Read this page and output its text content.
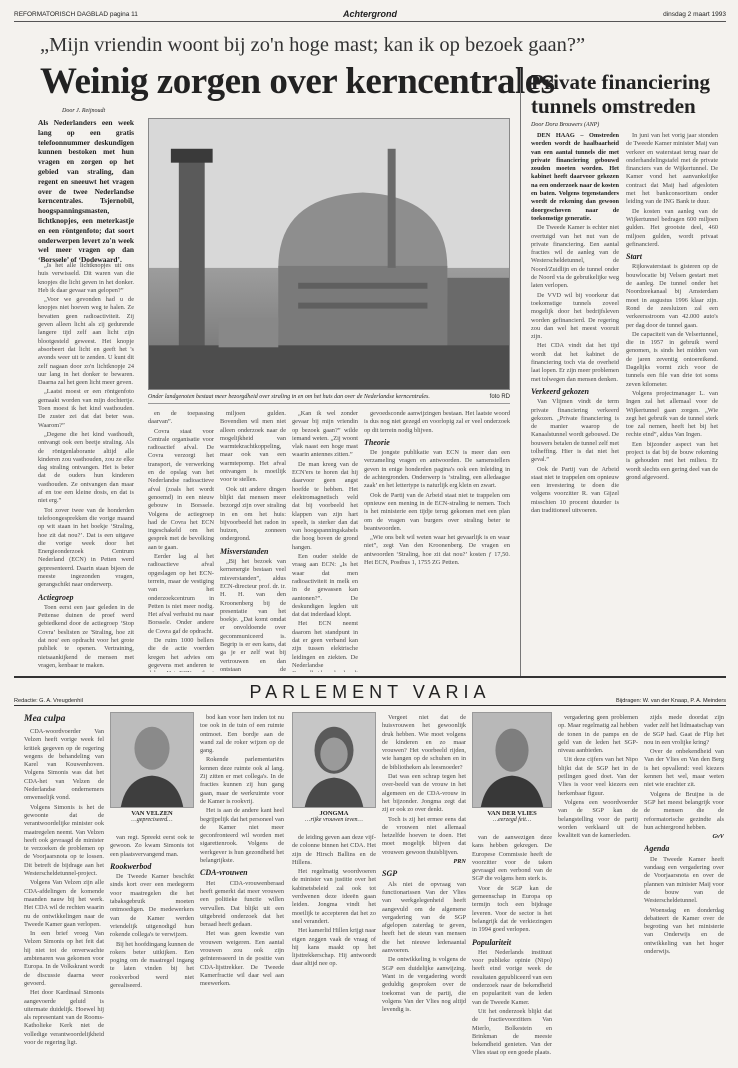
REFORMATORISCH DAGBLAD pagina 11	Achtergrond	dinsdag 2 maart 1993
„Mijn vriendin woont bij zo'n hoge mast; kan ik op bezoek gaan?”
Weinig zorgen over kerncentrales
Door J. Reijnoudt
Als Nederlanders een week lang op een gratis telefoonnummer deskundigen kunnen bestoken met hun vragen en zorgen op het gebied van straling, dan regent en sneeuwt het vragen over de twee Nederlandse kerncentrales. Tsjernobil, hoogspanningsmasten, lichtknopjes, een meterkastje en een röntgenfoto; dat soort onderwerpen levert zo'n week wel meer vragen op dan ‘Borssele’ of ‘Dodewaard’.

„Is het alle lichtknopjes uit ons huis verwisseld. Dit waren van die knopjes die licht geven in het donker. Heb ik daar gevaar van gelopen?”

„Voor we gevonden had u de knopjes niet hoeven weg te halen. Ze bevatten geen radioactiviteit. Zij geven alleen licht als zij gedurende langere tijd zelf aan licht zijn blootgesteld geweest. Het knopje absorbeert dat licht en geeft het 's avonds weer uit te zenden. U kunt dit zelf nagaan door zo'n lichtknopje 24 uur lang in het donker te bewaren. Daarna zal het geen licht meer geven.

„Laatst moest er een röntgenfoto gemaakt worden van mijn dochtertje. Toen moest ik het kind vasthouden. De zuster zei dat dat beter was. Waarom?”

„Degene die het kind vasthoudt, ontvangt ook een beetje straling. Als de röntgenlaborante altijd alle kinderen zou vasthouden, zou ze elke dag straling ontvangen. Het is beter dat de ouders hun kinderen vasthouden. Ze ontvangen dan maar af en toe een kleine dosis, en dat is niet erg.”

Tot zover twee van de honderden telefoongesprekken die vorige maand op wit staan in het boekje ‘Straling, hoe zit dat nou?’. Dat is een uitgave die vorige week door het Energieonderzoek Centrum Nederland (ECN) in Petten werd gepresenteerd. Daarin staan bijeen de meeste ingezonden vragen, gerangschikt naar onderwerp.

Actiegroep

Toen eerst een jaar geleden in de Pettense duinen de proef werd gebiedkend door de actiegroep ‘Stop Covra’ beslisten ze 'Straling, hoe zit dat nou' een opdracht voor het grote publiek te openen. Vertraining, nietsaankijkend de mensen met vragen, kenbaar te maken.

Onder landgenoten bestaat meer bezorgdheid over straling in en om het huis dan over de Nederlandse kerncentrales.	foto RD

en de toepassing daarvan”.

Covra staat voor Centrale organisatie voor radioactief afval. De Covra verzorgt het transport, de verwerking en de opslag van het Nederlandse radioactieve afval (zoals het wordt genoemd) in een nieuw gebouw in Borssele. Volgens de actiegroep had de Covra het ECN ingeschakeld om het gesprek met de bevolking aan te gaan.

Eerder lag al het radioactieve afval opgeslagen op het ECN-terrein, maar de vestiging van het onderzoekcentrum in Petten is niet meer nodig. Het afval verhuist nu naar Borssele. Onder andere de Covra gaf de opdracht.

De ruim 1000 bellers die de actie voerden kregen het advies om gegevens met anderen te

miljoen gulden. Bovendien wil men niet alleen onderzoek naar de mogelijkheid van warmtekrachtkoppeling, maar ook van een warmtepomp. Het afval ontvangen is moeilijk voor te stellen.

Ook uit andere dingen blijkt dat mensen meer bezorgd zijn over straling in en om het huis: bijvoorbeeld het radon in huizen, zonneen ondergrond.

Misverstanden

„Bij het bezoek van kernenergie bestaan veel misverstanden”, aldus ECN-directeur prof. dr. ir. H. H. van den Kroonenberg bij de presentatie van het boekje. „Dat komt omdat er onvoldoende over gecommuniceerd is. Begrip is er een kans, dat ga je er zelf wat bij vertrouwen en dan ontstaan de

„Kan ik wel zonder gevaar bij mijn vriendin op bezoek gaan?” wilde iemand weten. „Zij woont vlak naast een hoge mast waarin antennes zitten.”

De man kreeg van de ECN'ers te horen dat hij daarvoor geen angst hoefde te hebben. Het elektromagnetisch veld dat bij voorbeeld het klappen van zijn hart speelt, is sterker dan dat van hoogspanningskabels die hoog boven de grond hangen.

Een ouder stelde de vraag aan ECN: „Is het waar dat men radioactiviteit in melk en in de gewassen kan aantonen?”. De deskundigen legden uit dat dat inderdaad klopt.

Het ECN neemt daarom het standpunt in dat er geen verband kan zijn tussen elektrische leidingen en ziekten. De Nederlandse

gevoedsconde aanwijzingen bestaan. Het laatste woord is dus nog niet gezegd en voorlopig zal er veel onderzoek op dit terrein nodig blijven.

Theorie

De jongste publikatie van ECN is meer dan een verzameling vragen en antwoorden. De samenstellers geven in enige honderden pagina's ook een inleiding in de achtergronden. Onderwerp is ‘straling, een alledaagse zaak’ en het lettertype is naturlijk erg klein en zwart.

Ook de Partij van de Arbeid staat niet te trappelen om opnieuw een mening in de ECN-straling te nemen. Toch is het ministerie een tijdje terug gekomen met een plan om de vragen van burgers over straling beter te beantwoorden.

„Wie ons belt wil weten waar het gevaarlijk is en waar niet”, zegt Van den Kroonenberg. De vragen en antwoorden ‘Straling, hoe zit dat nou?’ kosten ƒ 17,50. Het ECN, Postbus 1, 1755 ZG Petten.

Private financiering tunnels omstreden
Door Dora Brouwers (ANP)

DEN HAAG – Omstreden worden wordt de haalbaarheid van een aantal tunnels die met private financiering gebouwd zouden moeten worden. Het kabinet heeft daarvoor gekozen na een onderzoek naar de kosten en baten. Volgens tegenstanders wordt de rekening dan gewoon doorgeschoven naar de toekomstige generatie.

De Tweede Kamer is echter niet overtuigd van het nut van de private financiering. Een aantal fracties wil de aanleg van de Westerscheldetunnel, de Noord/Zuidlijn en de tunnel onder de Noord via de gebruikelijke weg laten verlopen.

De VVD wil bij voorkeur dat toekomstige tunnels zoveel mogelijk door het bedrijfsleven worden gefinancierd. De regering zou dan wel het meest vooruit zijn.

Het CDA vindt dat het tijd wordt dat het kabinet de financiering toch via de overheid laat lopen. Er zijn meer problemen met tolwegen dan mensen denken.

Verkeerd gekozen

Van Vlijmen vindt de term private financiering verkeerd gekozen. „Private financiering is de manier waarop de Kanaalstunnel wordt gebouwd. De bouwers betalen de tunnel zelf met tolheffing. Hier is dat niet het geval.”

Ook de Partij van de Arbeid staat niet te trappelen om opnieuw een investering te doen die volgens voorzitter R. van Gijzel misschien 10 procent duurder is dan traditioneel uitvoeren.

In juni van het vorig jaar stonden de Tweede Kamer minister Maij van verkeer en waterstaat terug naar de onderhandelingstafel met de private financiers van de Wijkertunnel. De Kamer vond het aanvankelijke contract dat Maij had afgesloten met het bankconsortium onder leiding van de ING Bank te duur.

De kosten van aanleg van de Wijkertunnel bedragen 600 miljoen gulden. Het grootste deel, 460 miljoen gulden, wordt privaat gefinancierd.

Start

Rijkswaterstaat is gisteren op de bouwlocatie bij Velsen gestart met de aanleg. De tunnel onder het Noordzeekanaal bij Amsterdam moet in augustus 1996 klaar zijn. Rond de zeesluizen zal een verkeersstroom van 42.000 auto's per dag door de tunnel gaan.

De capaciteit van de Velsertunnel, die in 1957 in gebruik werd genomen, is sinds het midden van de jaren zeventig ontoereikend. Dagelijks vormt zich voor de tunnels een file van drie tot soms zeven kilometer.

Volgens projectmanager L. van Ingen zal het allemaal voor de Wijkertunnel gaan zorgen. „Wie zegt het gebruik van de tunnel sterk toe zal nemen, heeft het bij het rechte eind”, aldus Van Ingen.

Een bijzonder aspect van het project is dat bij de bouw rekening is gehouden met het milieu. Er wordt slechts een gering deel van de grond afgevoerd.

PARLEMENT VARIA
Redactie: G. A. Vreugdenhil	Bijdragen: W. van der Knaap, P. A. Meinders
Mea culpa

CDA-woordvoerder Van Velzen heeft vorige week fel kritiek gegeven op de regering wegens de behandeling van Karel van Kouwenhoven. Volgens Simonis was dat het CDA-het van Velzen de Nederlandse ondernemers onwenselijk vond.

Volgens Simonis is het de gewoonte dat de verantwoordelijke minister ook maatregelen neemt. Van Velzen heeft ook gevraagd de minister te verzoeken de problemen op de Voorjaarsnota op te lossen. Dit betreft de bijdrage aan het Westerscheldetunnel-project.

Volgens Van Velzen zijn alle CDA-afdelingen de komende maanden nauw bij het werk. Het CDA wil de rechten waarin nu de ontwikkelingen naar de Tweede Kamer gaan verlopen.

In een brief vroeg Van Velzen Simonis op het feit dat hij niet tot de onverwachte ambtenaren was gekomen voor Europa. In de Volkskrant wordt de discussie daarna weer gevoerd.

Het door Kardinaal Simonis aangevoerde geluid is uitermate duidelijk. Hoewel hij als representant van de Rooms-Katholieke Kerk niet de volledige verantwoordelijkheid voor de regering ligt.

VAN VELZEN
…gepreciseerd…

van regt. Spreekt eerst ook te gewoon. Zo kwam Simonis tot een plaatsvervangend man.

Rookwerbod

De Tweede Kamer beschikt sinds kort over een medegorm voor maatregelen die het tabaksgebruik moeten ontmoedigen. De medewerkers van de Kamer werden vriendelijk uitgenodigd hun rokende collega's te verwijzen.

Bij het hoofdingang kunnen de rokers beter uitkijken. Een poging om de maatregel ingang te laten vinden bij het rookverbod werd niet gerealiseerd.

bod kan voor hen inden tot nu toe ook in de tuin of een ruimte ontmoet. Een bordje aan de wand zal de roker wijzen op de gang.

Rokende parlementariërs kennen deze ruimte ook al lang. Zij zitten er met collega's. In de fracties kunnen zij hun gang gaan, maar de werkruimte voor de Kamer is rookvrij.

Het is aan de andere kant heel begrijpelijk dat het personeel van de Kamer niet meer geconfronteerd wil worden met sigarettenrook. Volgens de werkgever is hun gezondheid het belangrijkste.

CDA-vrouwen

Het CDA-vrouwenberaad heeft gemerkt dat meer vrouwen een politieke functie willen vervullen. Dat blijkt uit een uitgebreid onderzoek dat het beraad heeft gedaan.

Het was geen kwestie van vrouwen weigeren. Een aantal vrouwen zou ook zijn geïnteresseerd in de positie van CDA-lijsttrekker. De Tweede Kamerfractie wil daar wel aan meewerken.

JONGMA
…rijke vrouwen ieven…

de leiding geven aan deze vijf-de colonne binnen het CDA. Het zijn de Hirsch Ballins en de Hillens.

Het regelmatig woordvoeren de minister van justitie over het kabinetsbeleid zal ook tot verdwenen deze ideeën gaan leiden. Jongma vindt het moeilijk te accepteren dat het zo snel verandert.

Het kamerlid Hillen krijgt naar eigen zeggen vaak de vraag of hij kans maakt op het lijsttrekkerschap. Hij antwoordt daar altijd nee op.

Vergeet niet dat de huisvrouwen het gewoonlijk druk hebben. Wie moet volgens de kinderen en zo maar vrouwen? Het voorbeeld rijden, wie hangen op de schuhen en in de bibliotheken als leesmoeder?

Dat was een schrap tegen het over-beeld van de vrouw in het algemeen en de CDA-vrouw in het bijzonder. Jongma zegt dat zij er ook zo over denkt.

Toch is zij het ermee eens dat de vrouwen niet allemaal hetzelfde hoeven te doen. Het moet mogelijk blijven dat vrouwen gewoon thuisblijven.

PRN

SGP

Als niet de opvraag van functionarissen Van der Vlies van werkgelegenheid heeft aangevuld om de algemene vergadering van de SGP afgelopen zaterdag te geven, heeft het de steun van mensen die het nieuwe ledenaantal aanvoeren.

De ontwikkeling is volgens de SGP een duidelijke aanwijzing. Want in de vergadering wordt geduldig gesproken over de toekomst van de partij, die volgens Van der Vlies nog altijd levendig is.

VAN DER VLIES
…eerzegd feit…

van de aanwezigen deze kans hebben gekregen. De Europese Commissie heeft de voorzitter voor de taken gevraagd een verbond van de SGP die volgens hem sterk is.

Voor de SGP kan de gemeenschap in Europa op termijn toch een bijdrage leveren. Voor de sector is het belangrijk dat de verkiezingen in 1994 goed verlopen.

Populariteit

Het Nederlands instituut voor publieke opinie (Nipo) heeft eind vorige week de resultaten gepubliceerd van een onderzoek naar de bekendheid en populariteit van de leden van de Tweede Kamer.

Uit het onderzoek blijkt dat de fractievoorzitters Van Mierlo, Bolkestein en Brinkman de meeste bekendheid genieten. Van der Vlies staat op een goede plaats.

vergadering geen problemen op. Maar regelmatig zal hebben de tonen in de pamps en de geld van de leden het SGP-niveau aanbieden.

Uit deze cijfers van het Nipo blijkt dat de SGP het in de peilingen goed doet. Van der Vlies is voor veel kiezers een herkenbaar figuur.

Volgens een woordvoerder van de SGP kan de belangstelling voor de partij worden verklaard uit de kwaliteit van de kamerleden.

zijds mede doordat zijn vader zelf het lidmaatschap van de SGP had. Gaat de Flip het nou in een vrolijke kring?

Over de onbekendheid van Van der Vlies en Van den Berg is het opvallend: veel kiezers kennen het wel, maar weten niet wie erachter zit.

Volgens de Bruijne is de SGP het meest belangrijk voor de mensen die de reformatorische gezindte als hun achtergrond hebben.

GvV

Agenda

De Tweede Kamer heeft vandaag een vergadering over de Voorjaarsnota en over de plannen van minister Maij voor de bouw van de Westerscheldetunnel.

Woensdag en donderdag debatteert de Kamer over de begroting van het ministerie van Onderwijs en de ontwikkeling van het hoger onderwijs.
